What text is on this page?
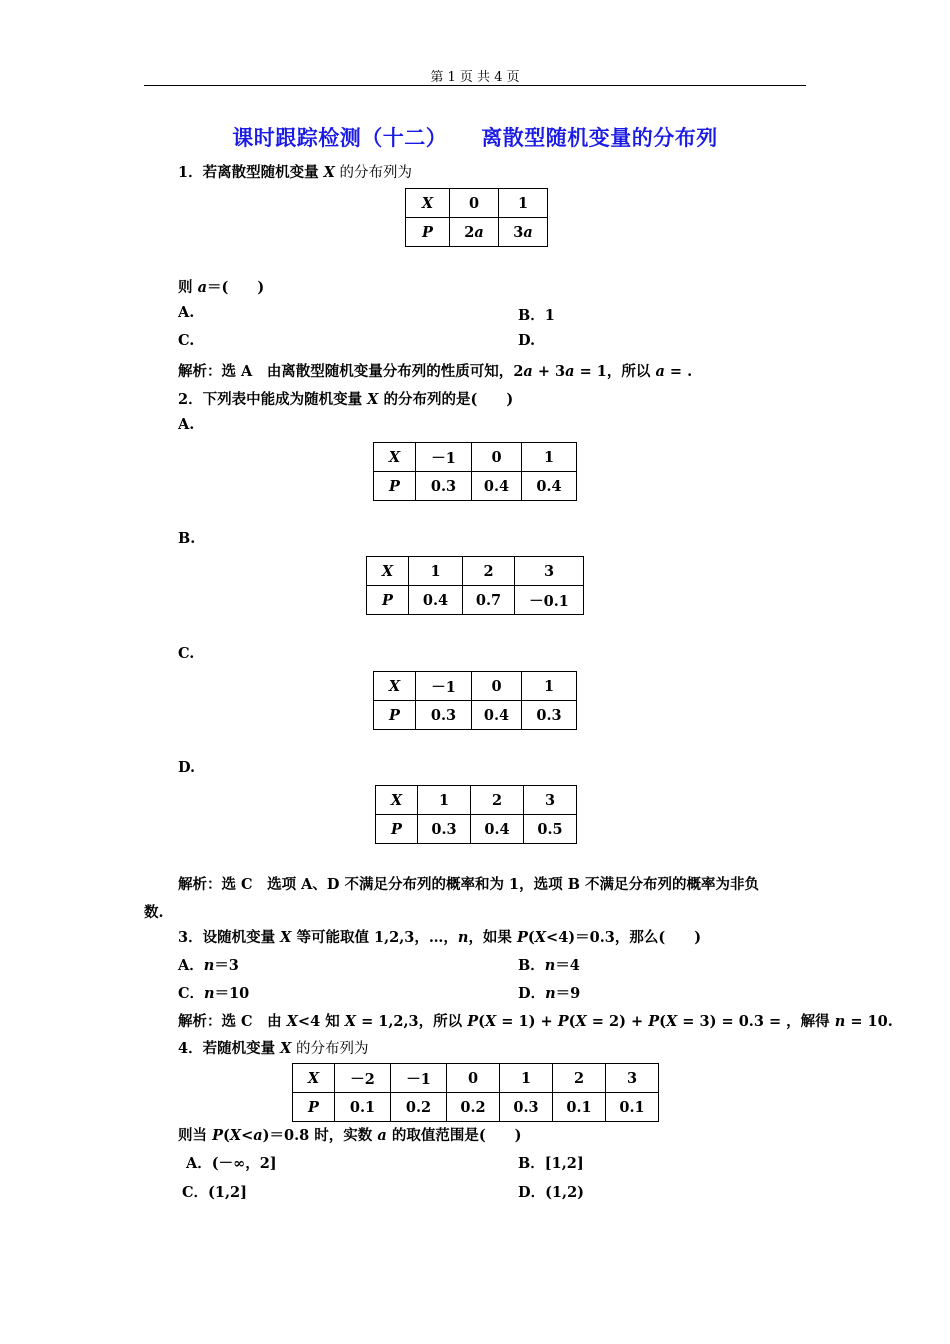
第 1 页 共 4 页
课时跟踪检测（十二） 离散型随机变量的分布列
1．若离散型随机变量 X 的分布列为
X	0	1
P	2a	3a
则 a＝(　　)
A.	B．1
C.	D.
解析：选 A　 由离散型随机变量分布列的性质可知，2a + 3a = 1，所以 a = .
2．下列表中能成为随机变量 X 的分布列的是(　　)
A.
X	－1	0	1
P	0.3	0.4	0.4
B.
X	1	2	3
P	0.4	0.7	－0.1
C.
X	－1	0	1
P	0.3	0.4	0.3
D.
X	1	2	3
P	0.3	0.4	0.5
解析：选 C　 选项 A、D 不满足分布列的概率和为 1，选项 B 不满足分布列的概率为非负
数.
3．设随机变量 X 等可能取值 1,2,3，…，n，如果 P(X<4)＝0.3，那么(　　)
A．n＝3	B．n＝4
C．n＝10	D．n＝9
解析：选 C　 由 X<4 知 X = 1,2,3，所以 P(X = 1) + P(X = 2) + P(X = 3) = 0.3 = ，解得 n = 10.
4．若随机变量 X 的分布列为
X	－2	－1	0	1	2	3
P	0.1	0.2	0.2	0.3	0.1	0.1
则当 P(X<a)＝0.8 时，实数 a 的取值范围是(　　)
A．(－∞，2]	B．[1,2]
C．(1,2]	D．(1,2)
